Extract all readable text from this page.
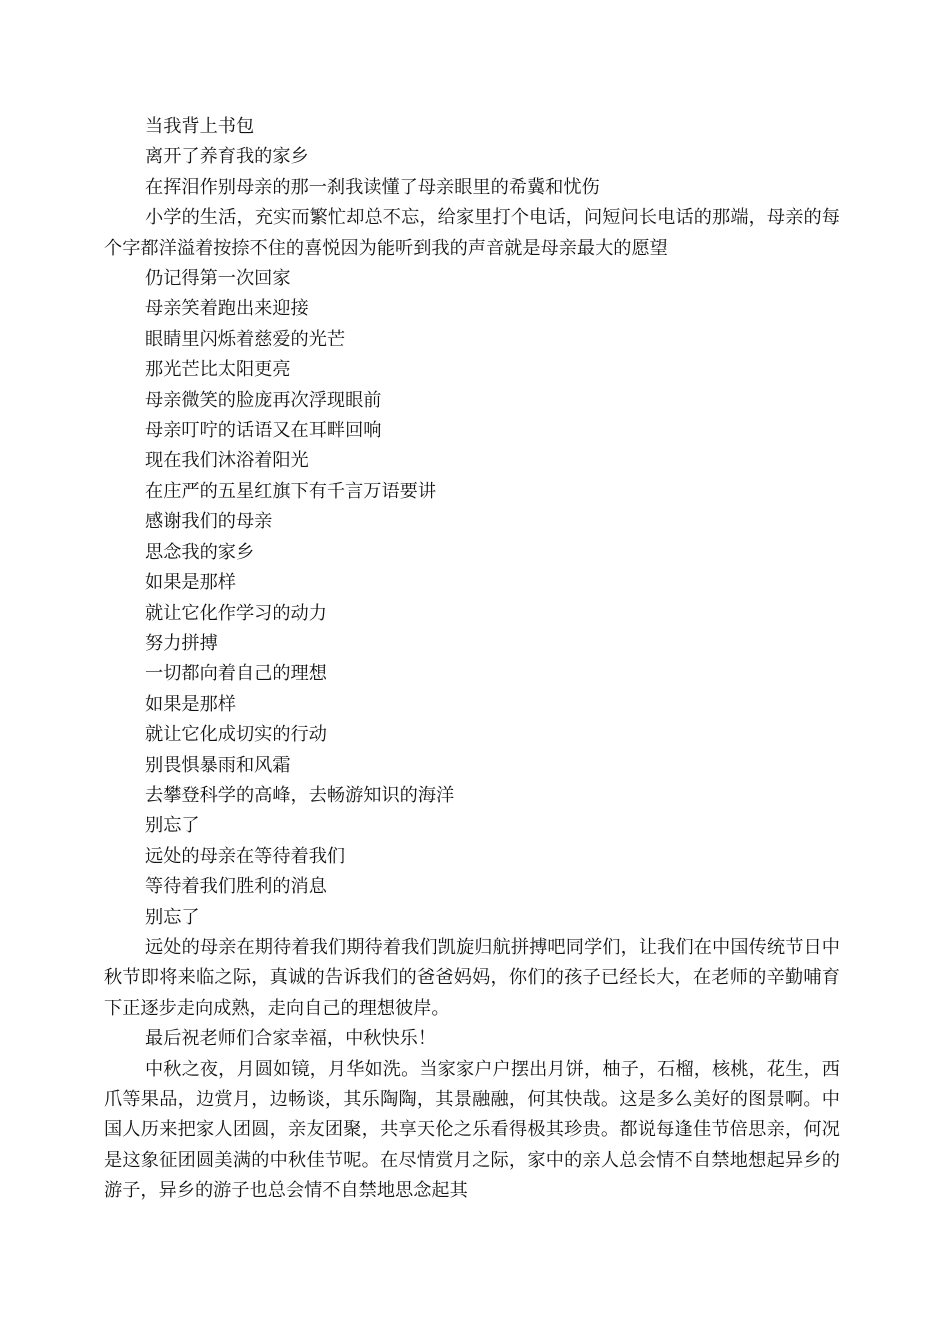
当我背上书包

离开了养育我的家乡

在挥泪作别母亲的那一刹我读懂了母亲眼里的希冀和忧伤

小学的生活，充实而繁忙却总不忘，给家里打个电话，问短问长电话的那端，母亲的每个字都洋溢着按捺不住的喜悦因为能听到我的声音就是母亲最大的愿望

仍记得第一次回家

母亲笑着跑出来迎接

眼睛里闪烁着慈爱的光芒

那光芒比太阳更亮

母亲微笑的脸庞再次浮现眼前

母亲叮咛的话语又在耳畔回响

现在我们沐浴着阳光

在庄严的五星红旗下有千言万语要讲

感谢我们的母亲

思念我的家乡

如果是那样

就让它化作学习的动力

努力拼搏

一切都向着自己的理想

如果是那样

就让它化成切实的行动

别畏惧暴雨和风霜

去攀登科学的高峰，去畅游知识的海洋

别忘了

远处的母亲在等待着我们

等待着我们胜利的消息

别忘了

远处的母亲在期待着我们期待着我们凯旋归航拼搏吧同学们，让我们在中国传统节日中秋节即将来临之际，真诚的告诉我们的爸爸妈妈，你们的孩子已经长大，在老师的辛勤哺育下正逐步走向成熟，走向自己的理想彼岸。

最后祝老师们合家幸福，中秋快乐！

中秋之夜，月圆如镜，月华如洗。当家家户户摆出月饼，柚子，石榴，核桃，花生，西爪等果品，边赏月，边畅谈，其乐陶陶，其景融融，何其快哉。这是多么美好的图景啊。中国人历来把家人团圆，亲友团聚，共享天伦之乐看得极其珍贵。都说每逢佳节倍思亲，何况是这象征团圆美满的中秋佳节呢。在尽情赏月之际，家中的亲人总会情不自禁地想起异乡的游子，异乡的游子也总会情不自禁地思念起其
